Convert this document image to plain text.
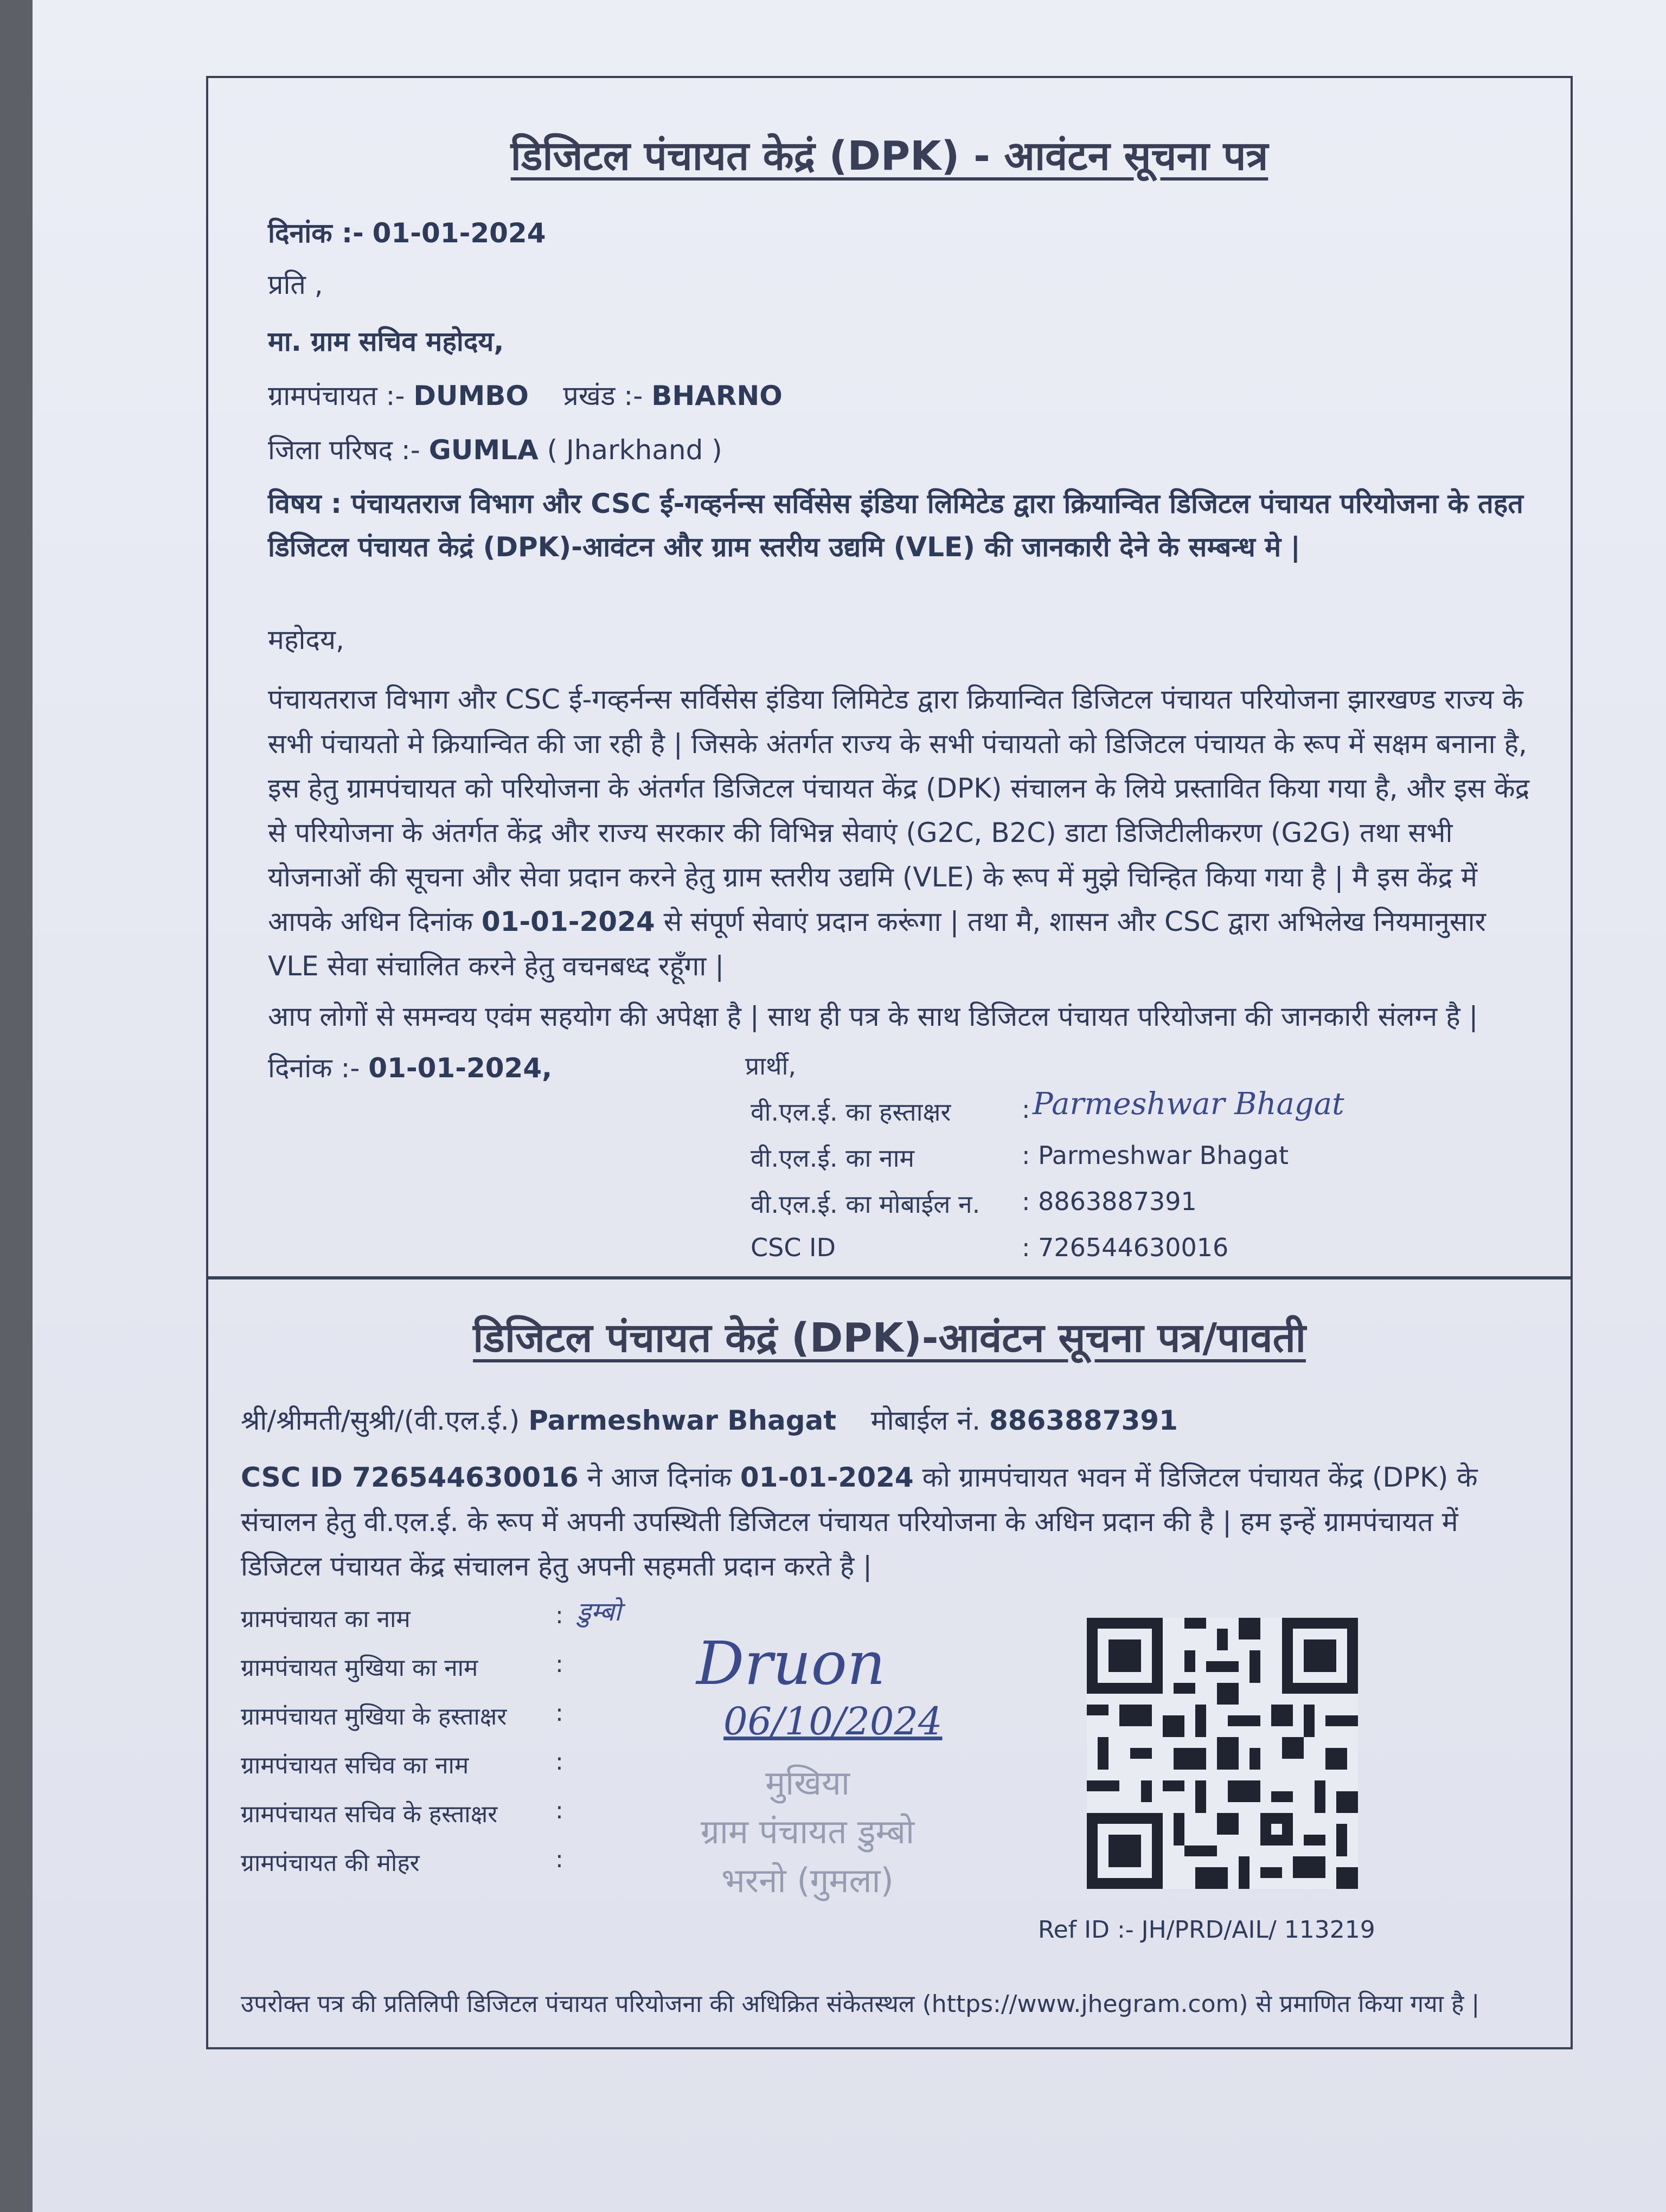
डिजिटल पंचायत केद्रं (DPK) - आवंटन सूचना पत्र
दिनांक :- 01-01-2024
प्रति ,
मा. ग्राम सचिव महोदय,
ग्रामपंचायत :- DUMBO प्रखंड :- BHARNO
जिला परिषद :- GUMLA ( Jharkhand )
विषय : पंचायतराज विभाग और CSC ई-गव्हर्नन्स सर्विसेस इंडिया लिमिटेड द्वारा क्रियान्वित डिजिटल पंचायत परियोजना के तहत डिजिटल पंचायत केद्रं (DPK)-आवंटन और ग्राम स्तरीय उद्यमि (VLE) की जानकारी देने के सम्बन्ध मे |
महोदय,
पंचायतराज विभाग और CSC ई-गव्हर्नन्स सर्विसेस इंडिया लिमिटेड द्वारा क्रियान्वित डिजिटल पंचायत परियोजना झारखण्ड राज्य के सभी पंचायतो मे क्रियान्वित की जा रही है | जिसके अंतर्गत राज्य के सभी पंचायतो को डिजिटल पंचायत के रूप में सक्षम बनाना है, इस हेतु ग्रामपंचायत को परियोजना के अंतर्गत डिजिटल पंचायत केंद्र (DPK) संचालन के लिये प्रस्तावित किया गया है, और इस केंद्र से परियोजना के अंतर्गत केंद्र और राज्य सरकार की विभिन्न सेवाएं (G2C, B2C) डाटा डिजिटीलीकरण (G2G) तथा सभी योजनाओं की सूचना और सेवा प्रदान करने हेतु ग्राम स्तरीय उद्यमि (VLE) के रूप में मुझे चिन्हित किया गया है | मै इस केंद्र में आपके अधिन दिनांक 01-01-2024 से संपूर्ण सेवाएं प्रदान करूंगा | तथा मै, शासन और CSC द्वारा अभिलेख नियमानुसार VLE सेवा संचालित करने हेतु वचनबध्द रहूँगा |
आप लोगों से समन्वय एवंम सहयोग की अपेक्षा है | साथ ही पत्र के साथ डिजिटल पंचायत परियोजना की जानकारी संलग्न है |
दिनांक :- 01-01-2024,	प्रार्थी,
वी.एल.ई. का हस्ताक्षर	: Parmeshwar Bhagat
वी.एल.ई. का नाम	: Parmeshwar Bhagat
वी.एल.ई. का मोबाईल न. : 8863887391
CSC ID	: 726544630016
डिजिटल पंचायत केद्रं (DPK)-आवंटन सूचना पत्र/पावती
श्री/श्रीमती/सुश्री/(वी.एल.ई.) Parmeshwar Bhagat मोबाईल नं. 8863887391
CSC ID 726544630016 ने आज दिनांक 01-01-2024 को ग्रामपंचायत भवन में डिजिटल पंचायत केंद्र (DPK) के संचालन हेतु वी.एल.ई. के रूप में अपनी उपस्थिती डिजिटल पंचायत परियोजना के अधिन प्रदान की है | हम इन्हें ग्रामपंचायत में डिजिटल पंचायत केंद्र संचालन हेतु अपनी सहमती प्रदान करते है |
ग्रामपंचायत का नाम	: डुम्बो
ग्रामपंचायत मुखिया का नाम	:
ग्रामपंचायत मुखिया के हस्ताक्षर :
ग्रामपंचायत सचिव का नाम	:
ग्रामपंचायत सचिव के हस्ताक्षर :
ग्रामपंचायत की मोहर	:
Druon
06/10/2024
मुखिया
ग्राम पंचायत डुम्बो
भरनो (गुमला)
Ref ID :- JH/PRD/AIL/ 113219
उपरोक्त पत्र की प्रतिलिपी डिजिटल पंचायत परियोजना की अधिक्रित संकेतस्थल (https://www.jhegram.com) से प्रमाणित किया गया है |
